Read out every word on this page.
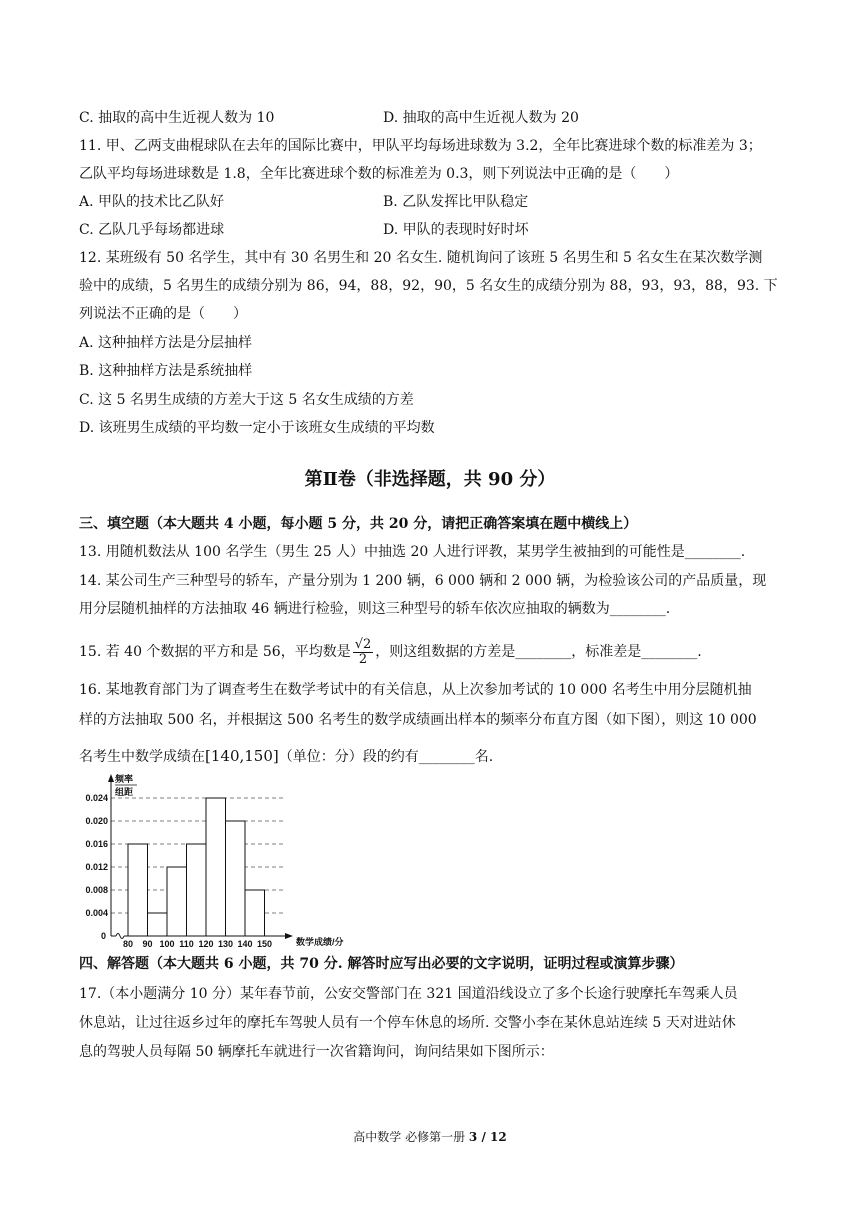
C. 抽取的高中生近视人数为 10	D. 抽取的高中生近视人数为 20
11. 甲、乙两支曲棍球队在去年的国际比赛中，甲队平均每场进球数为 3.2，全年比赛进球个数的标准差为 3；
乙队平均每场进球数是 1.8，全年比赛进球个数的标准差为 0.3，则下列说法中正确的是（　　）
A. 甲队的技术比乙队好	B. 乙队发挥比甲队稳定
C. 乙队几乎每场都进球	D. 甲队的表现时好时坏
12. 某班级有 50 名学生，其中有 30 名男生和 20 名女生. 随机询问了该班 5 名男生和 5 名女生在某次数学测
验中的成绩，5 名男生的成绩分别为 86，94，88，92，90，5 名女生的成绩分别为 88，93，93，88，93. 下
列说法不正确的是（　　）
A. 这种抽样方法是分层抽样
B. 这种抽样方法是系统抽样
C. 这 5 名男生成绩的方差大于这 5 名女生成绩的方差
D. 该班男生成绩的平均数一定小于该班女生成绩的平均数
第Ⅱ卷（非选择题，共 90 分）
三、填空题（本大题共 4 小题，每小题 5 分，共 20 分，请把正确答案填在题中横线上）
13. 用随机数法从 100 名学生（男生 25 人）中抽选 20 人进行评教，某男学生被抽到的可能性是________.
14. 某公司生产三种型号的轿车，产量分别为 1 200 辆，6 000 辆和 2 000 辆，为检验该公司的产品质量，现
用分层随机抽样的方法抽取 46 辆进行检验，则这三种型号的轿车依次应抽取的辆数为________.
15. 若 40 个数据的平方和是 56，平均数是 $\frac{√2}{2}$ ，则这组数据的方差是________，标准差是________.
16. 某地教育部门为了调查考生在数学考试中的有关信息，从上次参加考试的 10 000 名考生中用分层随机抽
样的方法抽取 500 名，并根据这 500 名考生的数学成绩画出样本的频率分布直方图（如下图），则这 10 000
名考生中数学成绩在[140,150]（单位：分）段的约有________名.
0.004
0.008
0.012
0.016
0.020
0.024
80 90 100 110 120 130 140 150
0
数学成绩/分
频率
组距
四、解答题（本大题共 6 小题，共 70 分. 解答时应写出必要的文字说明，证明过程或演算步骤）
17.（本小题满分 10 分）某年春节前，公安交警部门在 321 国道沿线设立了多个长途行驶摩托车驾乘人员
休息站，让过往返乡过年的摩托车驾驶人员有一个停车休息的场所. 交警小李在某休息站连续 5 天对进站休
息的驾驶人员每隔 50 辆摩托车就进行一次省籍询问，询问结果如下图所示：
高中数学 必修第一册 3 / 12
